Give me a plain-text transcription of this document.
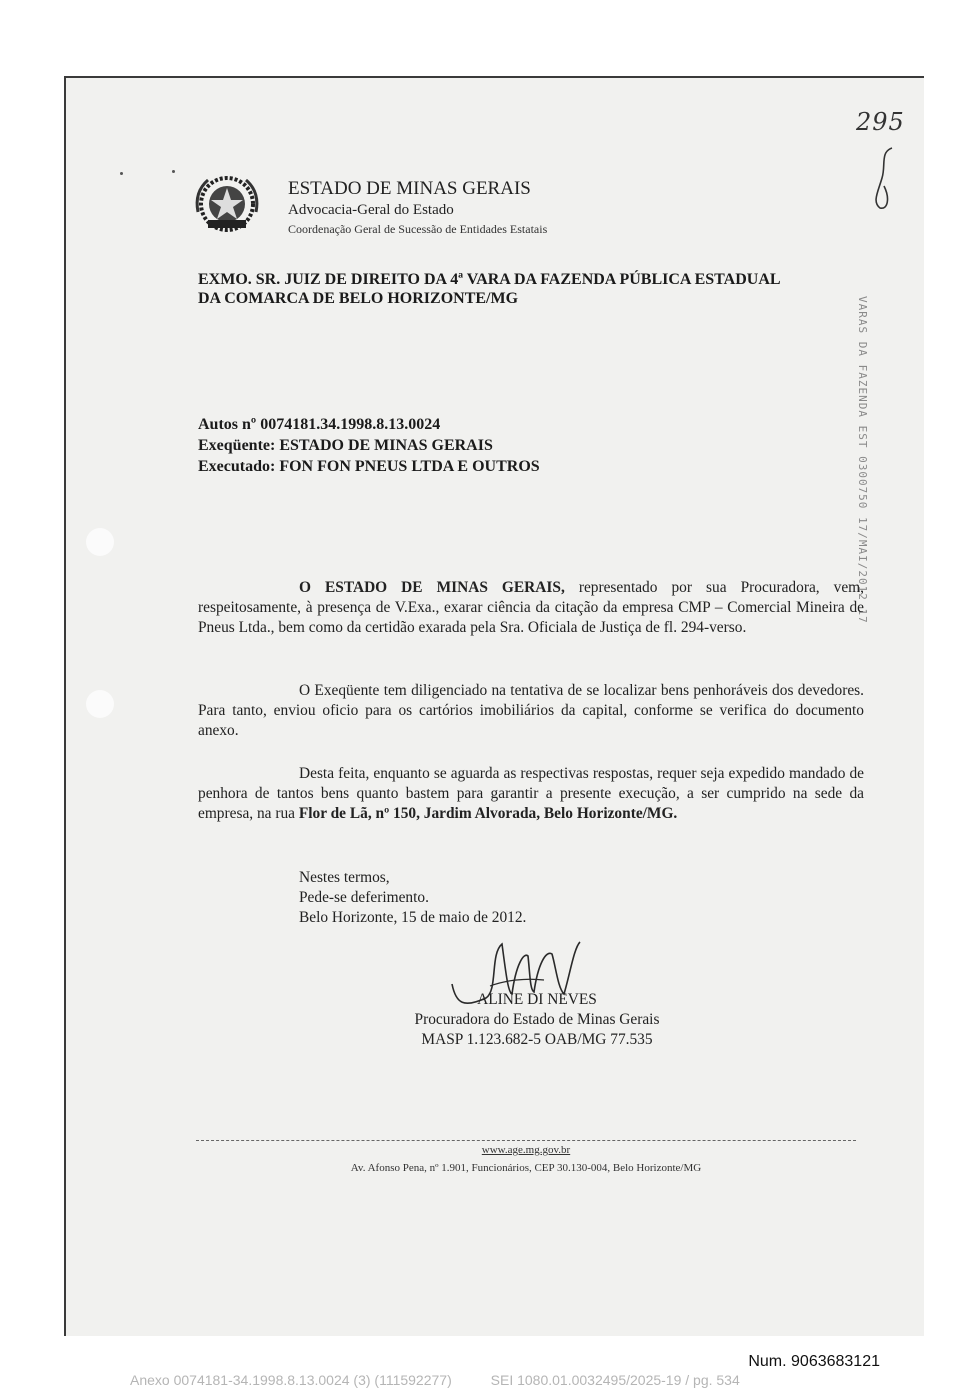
295
ESTADO DE MINAS GERAIS
Advocacia-Geral do Estado
Coordenação Geral de Sucessão de Entidades Estatais
EXMO. SR. JUIZ DE DIREITO DA 4ª VARA DA FAZENDA PÚBLICA ESTADUAL
DA COMARCA DE BELO HORIZONTE/MG	VARAS DA FAZENDA EST 0300750 17/MAI/2012 17
Autos nº 0074181.34.1998.8.13.0024
Exeqüente: ESTADO DE MINAS GERAIS
Executado: FON FON PNEUS LTDA E OUTROS
O ESTADO DE MINAS GERAIS, representado por sua Procuradora, vem, respeitosamente, à presença de V.Exa., exarar ciência da citação da empresa CMP – Comercial Mineira de Pneus Ltda., bem como da certidão exarada pela Sra. Oficiala de Justiça de fl. 294-verso.
O Exeqüente tem diligenciado na tentativa de se localizar bens penhoráveis dos devedores. Para tanto, enviou oficio para os cartórios imobiliários da capital, conforme se verifica do documento anexo.
Desta feita, enquanto se aguarda as respectivas respostas, requer seja expedido mandado de penhora de tantos bens quanto bastem para garantir a presente execução, a ser cumprido na sede da empresa, na rua Flor de Lã, nº 150, Jardim Alvorada, Belo Horizonte/MG.
Nestes termos,
Pede-se deferimento.
Belo Horizonte, 15 de maio de 2012.
ALINE DI NEVES
Procuradora do Estado de Minas Gerais
MASP 1.123.682-5 OAB/MG 77.535
www.age.mg.gov.br
Av. Afonso Pena, nº 1.901, Funcionários, CEP 30.130-004, Belo Horizonte/MG
Num. 9063683121
Anexo 0074181-34.1998.8.13.0024 (3) (111592277)	SEI 1080.01.0032495/2025-19 / pg. 534
